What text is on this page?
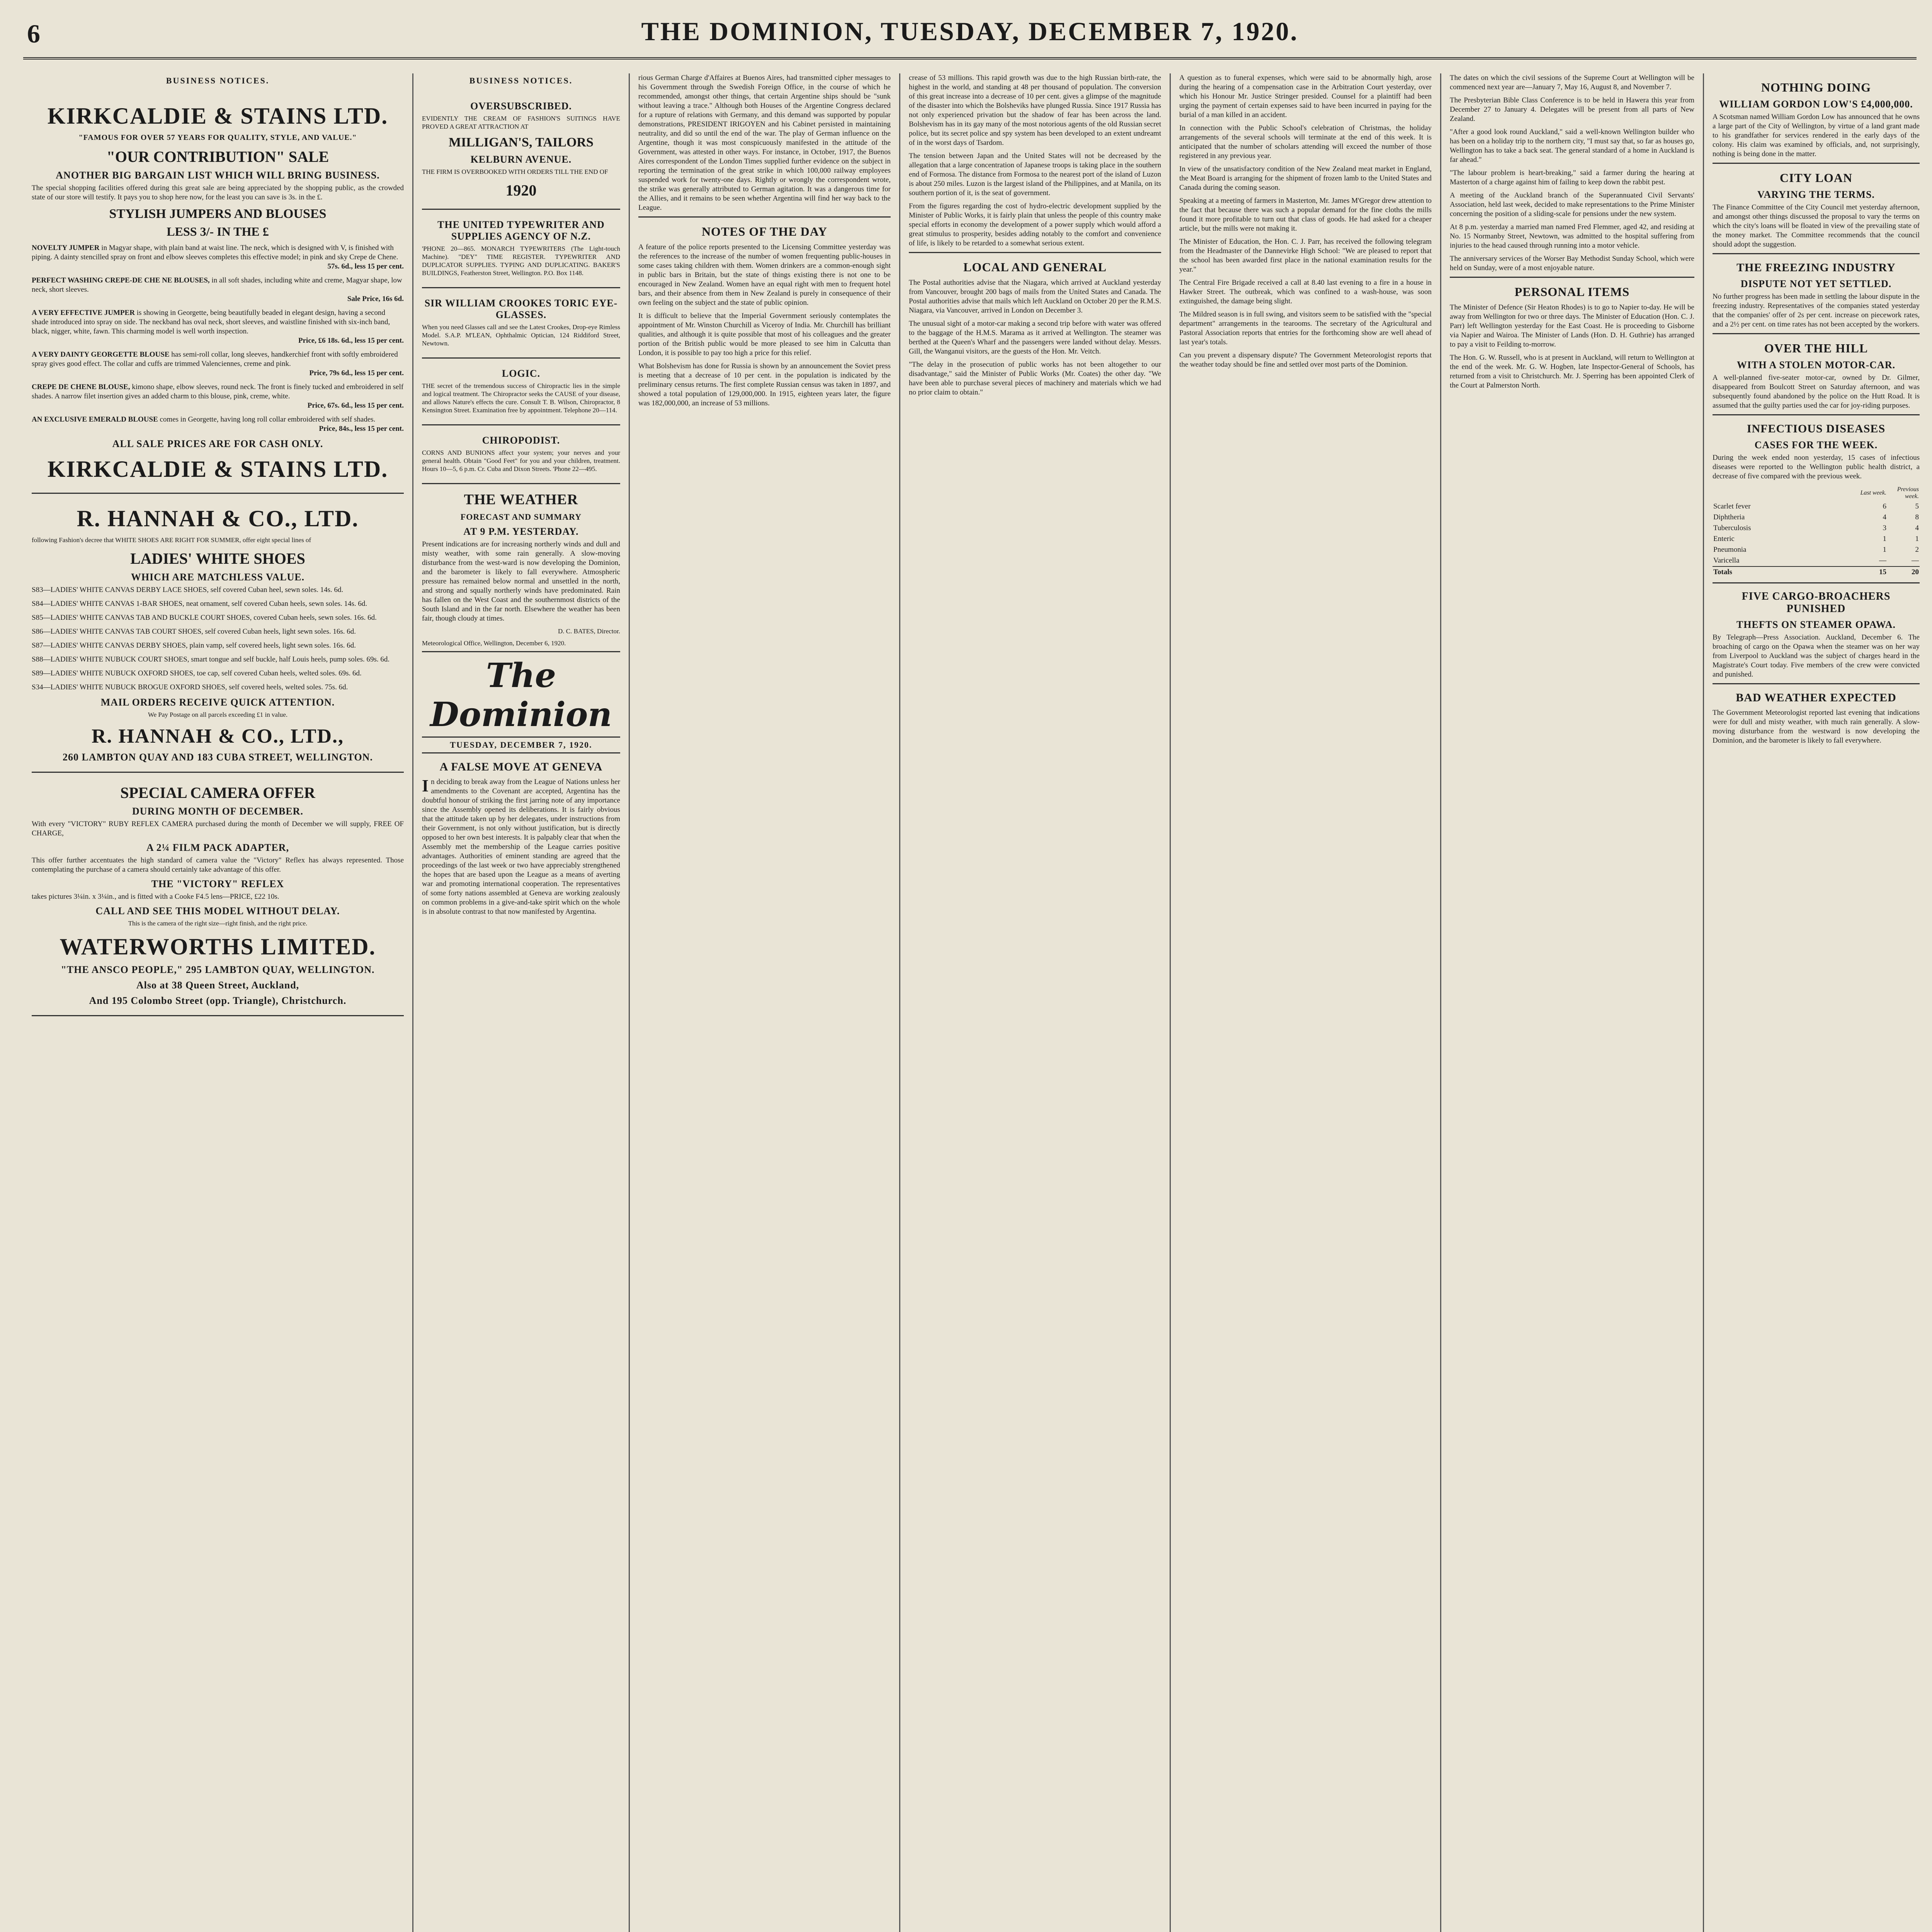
6	THE DOMINION, TUESDAY, DECEMBER 7, 1920.
BUSINESS NOTICES.
KIRKCALDIE & STAINS LTD.
"FAMOUS FOR OVER 57 YEARS FOR QUALITY, STYLE, AND VALUE."
"OUR CONTRIBUTION" SALE
ANOTHER BIG BARGAIN LIST WHICH WILL BRING BUSINESS.

The special shopping facilities offered during this great sale are being appreciated by the shopping public, as the crowded state of our store will testify. It pays you to shop here now, for the least you can save is 3s. in the £.

STYLISH JUMPERS AND BLOUSES
LESS 3/- IN THE £
NOVELTY JUMPER in Magyar shape, with plain band at waist line. The neck, which is designed with V, is finished with piping. A dainty stencilled spray on front and elbow sleeves completes this effective model; in pink and sky Crepe de Chene.
57s. 6d., less 15 per cent.
PERFECT WASHING CREPE-DE CHE NE BLOUSES, in all soft shades, including white and creme, Magyar shape, low neck, short sleeves.
Sale Price, 16s 6d.
A VERY EFFECTIVE JUMPER is showing in Georgette, being beautifully beaded in elegant design, having a second shade introduced into spray on side. The neckband has oval neck, short sleeves, and waistline finished with six-inch band, black, nigger, white, fawn. This charming model is well worth inspection.
Price, £6 18s. 6d., less 15 per cent.
A VERY DAINTY GEORGETTE BLOUSE has semi-roll collar, long sleeves, handkerchief front with softly embroidered spray gives good effect. The collar and cuffs are trimmed Valenciennes, creme and pink.
Price, 79s 6d., less 15 per cent.
CREPE DE CHENE BLOUSE, kimono shape, elbow sleeves, round neck. The front is finely tucked and embroidered in self shades. A narrow filet insertion gives an added charm to this blouse, pink, creme, white.
Price, 67s. 6d., less 15 per cent.
AN EXCLUSIVE EMERALD BLOUSE comes in Georgette, having long roll collar embroidered with self shades.
Price, 84s., less 15 per cent.
ALL SALE PRICES ARE FOR CASH ONLY.
KIRKCALDIE & STAINS LTD.
R. HANNAH & CO., LTD.

following Fashion's decree that WHITE SHOES ARE RIGHT FOR SUMMER, offer eight special lines of

LADIES' WHITE SHOES
WHICH ARE MATCHLESS VALUE.
S83—LADIES' WHITE CANVAS DERBY LACE SHOES, self covered Cuban heel, sewn soles. 14s. 6d.
S84—LADIES' WHITE CANVAS 1-BAR SHOES, neat ornament, self covered Cuban heels, sewn soles. 14s. 6d.
S85—LADIES' WHITE CANVAS TAB AND BUCKLE COURT SHOES, covered Cuban heels, sewn soles. 16s. 6d.
S86—LADIES' WHITE CANVAS TAB COURT SHOES, self covered Cuban heels, light sewn soles. 16s. 6d.
S87—LADIES' WHITE CANVAS DERBY SHOES, plain vamp, self covered heels, light sewn soles. 16s. 6d.
S88—LADIES' WHITE NUBUCK COURT SHOES, smart tongue and self buckle, half Louis heels, pump soles. 69s. 6d.
S89—LADIES' WHITE NUBUCK OXFORD SHOES, toe cap, self covered Cuban heels, welted soles. 69s. 6d.
S34—LADIES' WHITE NUBUCK BROGUE OXFORD SHOES, self covered heels, welted soles. 75s. 6d.
MAIL ORDERS RECEIVE QUICK ATTENTION.

We Pay Postage on all parcels exceeding £1 in value.

R. HANNAH & CO., LTD.,
260 LAMBTON QUAY AND 183 CUBA STREET, WELLINGTON.
SPECIAL CAMERA OFFER
DURING MONTH OF DECEMBER.

With every "VICTORY" RUBY REFLEX CAMERA purchased during the month of December we will supply, FREE OF CHARGE,

A 2¼ FILM PACK ADAPTER,

This offer further accentuates the high standard of camera value the "Victory" Reflex has always represented. Those contemplating the purchase of a camera should certainly take advantage of this offer.

THE "VICTORY" REFLEX

takes pictures 3¼in. x 3¼in., and is fitted with a Cooke F4.5 lens—PRICE, £22 10s.

CALL AND SEE THIS MODEL WITHOUT DELAY.

This is the camera of the right size—right finish, and the right price.

WATERWORTHS LIMITED.
"THE ANSCO PEOPLE," 295 LAMBTON QUAY, WELLINGTON.
Also at 38 Queen Street, Auckland,
And 195 Colombo Street (opp. Triangle), Christchurch.
BUSINESS NOTICES.
OVERSUBSCRIBED.

EVIDENTLY THE CREAM OF FASHION'S SUITINGS HAVE PROVED A GREAT ATTRACTION AT

MILLIGAN'S, TAILORS
KELBURN AVENUE.

THE FIRM IS OVERBOOKED WITH ORDERS TILL THE END OF

1920
THE UNITED TYPEWRITER AND SUPPLIES AGENCY OF N.Z.

'PHONE 20—865. MONARCH TYPEWRITERS (The Light-touch Machine). "DEY" TIME REGISTER. TYPEWRITER AND DUPLICATOR SUPPLIES. TYPING AND DUPLICATING. BAKER'S BUILDINGS, Featherston Street, Wellington. P.O. Box 1148.

SIR WILLIAM CROOKES TORIC EYE-GLASSES.

When you need Glasses call and see the Latest Crookes, Drop-eye Rimless Model. S.A.P. M'LEAN, Ophthalmic Optician, 124 Riddiford Street, Newtown.

LOGIC.

THE secret of the tremendous success of Chiropractic lies in the simple and logical treatment. The Chiropractor seeks the CAUSE of your disease, and allows Nature's effects the cure. Consult T. B. Wilson, Chiropractor, 8 Kensington Street. Examination free by appointment. Telephone 20—114.

CHIROPODIST.

CORNS AND BUNIONS affect your system; your nerves and your general health. Obtain "Good Feet" for you and your children, treatment. Hours 10—5, 6 p.m. Cr. Cuba and Dixon Streets. 'Phone 22—495.

THE WEATHER
FORECAST AND SUMMARY
AT 9 P.M. YESTERDAY.

Present indications are for increasing northerly winds and dull and misty weather, with some rain generally. A slow-moving disturbance from the west-ward is now developing the Dominion, and the barometer is likely to fall everywhere. Atmospheric pressure has remained below normal and unsettled in the north, and strong and squally northerly winds have predominated. Rain has fallen on the West Coast and the southernmost districts of the South Island and in the far north. Elsewhere the weather has been fair, though cloudy at times.

D. C. BATES, Director.

Meteorological Office, Wellington, December 6, 1920.

The Dominion
TUESDAY, DECEMBER 7, 1920.
A FALSE MOVE AT GENEVA

In deciding to break away from the League of Nations unless her amendments to the Covenant are accepted, Argentina has the doubtful honour of striking the first jarring note of any importance since the Assembly opened its deliberations. It is fairly obvious that the attitude taken up by her delegates, under instructions from their Government, is not only without justification, but is directly opposed to her own best interests. It is palpably clear that when the Assembly met the membership of the League carries positive advantages. Authorities of eminent standing are agreed that the proceedings of the last week or two have appreciably strengthened the hopes that are based upon the League as a means of averting war and promoting international cooperation. The representatives of some forty nations assembled at Geneva are working zealously on common problems in a give-and-take spirit which on the whole is in absolute contrast to that now manifested by Argentina.

rious German Charge d'Affaires at Buenos Aires, had transmitted cipher messages to his Government through the Swedish Foreign Office, in the course of which he recommended, amongst other things, that certain Argentine ships should be "sunk without leaving a trace." Although both Houses of the Argentine Congress declared for a rupture of relations with Germany, and this demand was supported by popular demonstrations, PRESIDENT IRIGOYEN and his Cabinet persisted in maintaining neutrality, and did so until the end of the war. The play of German influence on the Argentine, though it was most conspicuously manifested in the attitude of the Government, was attested in other ways. For instance, in October, 1917, the Buenos Aires correspondent of the London Times supplied further evidence on the subject in reporting the termination of the great strike in which 100,000 railway employees suspended work for twenty-one days. Rightly or wrongly the correspondent wrote, the strike was generally attributed to German agitation. It was a dangerous time for the Allies, and it remains to be seen whether Argentina will find her way back to the League.

NOTES OF THE DAY

A feature of the police reports presented to the Licensing Committee yesterday was the references to the increase of the number of women frequenting public-houses in some cases taking children with them. Women drinkers are a common-enough sight in public bars in Britain, but the state of things existing there is not one to be encouraged in New Zealand. Women have an equal right with men to frequent hotel bars, and their absence from them in New Zealand is purely in consequence of their own feeling on the subject and the state of public opinion.

It is difficult to believe that the Imperial Government seriously contemplates the appointment of Mr. Winston Churchill as Viceroy of India. Mr. Churchill has brilliant qualities, and although it is quite possible that most of his colleagues and the greater portion of the British public would be more pleased to see him in Calcutta than London, it is possible to pay too high a price for this relief.

What Bolshevism has done for Russia is shown by an announcement the Soviet press is meeting that a decrease of 10 per cent. in the population is indicated by the preliminary census returns. The first complete Russian census was taken in 1897, and showed a total population of 129,000,000. In 1915, eighteen years later, the figure was 182,000,000, an increase of 53 millions.

crease of 53 millions. This rapid growth was due to the high Russian birth-rate, the highest in the world, and standing at 48 per thousand of population. The conversion of this great increase into a decrease of 10 per cent. gives a glimpse of the magnitude of the disaster into which the Bolsheviks have plunged Russia. Since 1917 Russia has not only experienced privation but the shadow of fear has been across the land. Bolshevism has in its gay many of the most notorious agents of the old Russian secret police, but its secret police and spy system has been developed to an extent undreamt of in the worst days of Tsardom.

The tension between Japan and the United States will not be decreased by the allegation that a large concentration of Japanese troops is taking place in the southern end of Formosa. The distance from Formosa to the nearest port of the island of Luzon is about 250 miles. Luzon is the largest island of the Philippines, and at Manila, on its southern portion of it, is the seat of government.

From the figures regarding the cost of hydro-electric development supplied by the Minister of Public Works, it is fairly plain that unless the people of this country make special efforts in economy the development of a power supply which would afford a great stimulus to prosperity, besides adding notably to the comfort and convenience of life, is likely to be retarded to a somewhat serious extent.

LOCAL AND GENERAL

The Postal authorities advise that the Niagara, which arrived at Auckland yesterday from Vancouver, brought 200 bags of mails from the United States and Canada. The Postal authorities advise that mails which left Auckland on October 20 per the R.M.S. Niagara, via Vancouver, arrived in London on December 3.

The unusual sight of a motor-car making a second trip before with water was offered to the baggage of the H.M.S. Marama as it arrived at Wellington. The steamer was berthed at the Queen's Wharf and the passengers were landed without delay. Messrs. Gill, the Wanganui visitors, are the guests of the Hon. Mr. Veitch.

"The delay in the prosecution of public works has not been altogether to our disadvantage," said the Minister of Public Works (Mr. Coates) the other day. "We have been able to purchase several pieces of machinery and materials which we had no prior claim to obtain."

A question as to funeral expenses, which were said to be abnormally high, arose during the hearing of a compensation case in the Arbitration Court yesterday, over which his Honour Mr. Justice Stringer presided. Counsel for a plaintiff had been urging the payment of certain expenses said to have been incurred in paying for the burial of a man killed in an accident.

In connection with the Public School's celebration of Christmas, the holiday arrangements of the several schools will terminate at the end of this week. It is anticipated that the number of scholars attending will exceed the number of those registered in any previous year.

In view of the unsatisfactory condition of the New Zealand meat market in England, the Meat Board is arranging for the shipment of frozen lamb to the United States and Canada during the coming season.

Speaking at a meeting of farmers in Masterton, Mr. James M'Gregor drew attention to the fact that because there was such a popular demand for the fine cloths the mills found it more profitable to turn out that class of goods. He had asked for a cheaper article, but the mills were not making it.

The Minister of Education, the Hon. C. J. Parr, has received the following telegram from the Headmaster of the Dannevirke High School: "We are pleased to report that the school has been awarded first place in the national examination results for the year."

The Central Fire Brigade received a call at 8.40 last evening to a fire in a house in Hawker Street. The outbreak, which was confined to a wash-house, was soon extinguished, the damage being slight.

The Mildred season is in full swing, and visitors seem to be satisfied with the "special department" arrangements in the tearooms. The secretary of the Agricultural and Pastoral Association reports that entries for the forthcoming show are well ahead of last year's totals.

Can you prevent a dispensary dispute? The Government Meteorologist reports that the weather today should be fine and settled over most parts of the Dominion.

The dates on which the civil sessions of the Supreme Court at Wellington will be commenced next year are—January 7, May 16, August 8, and November 7.

The Presbyterian Bible Class Conference is to be held in Hawera this year from December 27 to January 4. Delegates will be present from all parts of New Zealand.

"After a good look round Auckland," said a well-known Wellington builder who has been on a holiday trip to the northern city, "I must say that, so far as houses go, Wellington has to take a back seat. The general standard of a home in Auckland is far ahead."

"The labour problem is heart-breaking," said a farmer during the hearing at Masterton of a charge against him of failing to keep down the rabbit pest.

A meeting of the Auckland branch of the Superannuated Civil Servants' Association, held last week, decided to make representations to the Prime Minister concerning the position of a sliding-scale for pensions under the new system.

At 8 p.m. yesterday a married man named Fred Flemmer, aged 42, and residing at No. 15 Normanby Street, Newtown, was admitted to the hospital suffering from injuries to the head caused through running into a motor vehicle.

The anniversary services of the Worser Bay Methodist Sunday School, which were held on Sunday, were of a most enjoyable nature.

PERSONAL ITEMS

The Minister of Defence (Sir Heaton Rhodes) is to go to Napier to-day. He will be away from Wellington for two or three days. The Minister of Education (Hon. C. J. Parr) left Wellington yesterday for the East Coast. He is proceeding to Gisborne via Napier and Wairoa. The Minister of Lands (Hon. D. H. Guthrie) has arranged to pay a visit to Feilding to-morrow.

The Hon. G. W. Russell, who is at present in Auckland, will return to Wellington at the end of the week. Mr. G. W. Hogben, late Inspector-General of Schools, has returned from a visit to Christchurch. Mr. J. Sperring has been appointed Clerk of the Court at Palmerston North.

NOTHING DOING
WILLIAM GORDON LOW'S £4,000,000.

A Scotsman named William Gordon Low has announced that he owns a large part of the City of Wellington, by virtue of a land grant made to his grandfather for services rendered in the early days of the colony. His claim was examined by officials, and, not surprisingly, nothing is being done in the matter.

CITY LOAN
VARYING THE TERMS.

The Finance Committee of the City Council met yesterday afternoon, and amongst other things discussed the proposal to vary the terms on which the city's loans will be floated in view of the prevailing state of the money market. The Committee recommends that the council should adopt the suggestion.

THE FREEZING INDUSTRY
DISPUTE NOT YET SETTLED.

No further progress has been made in settling the labour dispute in the freezing industry. Representatives of the companies stated yesterday that the companies' offer of 2s per cent. increase on piecework rates, and a 2½ per cent. on time rates has not been accepted by the workers.

OVER THE HILL
WITH A STOLEN MOTOR-CAR.

A well-planned five-seater motor-car, owned by Dr. Gilmer, disappeared from Boulcott Street on Saturday afternoon, and was subsequently found abandoned by the police on the Hutt Road. It is assumed that the guilty parties used the car for joy-riding purposes.

INFECTIOUS DISEASES
CASES FOR THE WEEK.

During the week ended noon yesterday, 15 cases of infectious diseases were reported to the Wellington public health district, a decrease of five compared with the previous week.

	Last week.	Previous week.
Scarlet fever	6	5
Diphtheria	4	8
Tuberculosis	3	4
Enteric	1	1
Pneumonia	1	2
Varicella	—	—
Totals	15	20
FIVE CARGO-BROACHERS PUNISHED
THEFTS ON STEAMER OPAWA.

By Telegraph—Press Association. Auckland, December 6. The broaching of cargo on the Opawa when the steamer was on her way from Liverpool to Auckland was the subject of charges heard in the Magistrate's Court today. Five members of the crew were convicted and punished.

BAD WEATHER EXPECTED

The Government Meteorologist reported last evening that indications were for dull and misty weather, with much rain generally. A slow-moving disturbance from the westward is now developing the Dominion, and the barometer is likely to fall everywhere.
